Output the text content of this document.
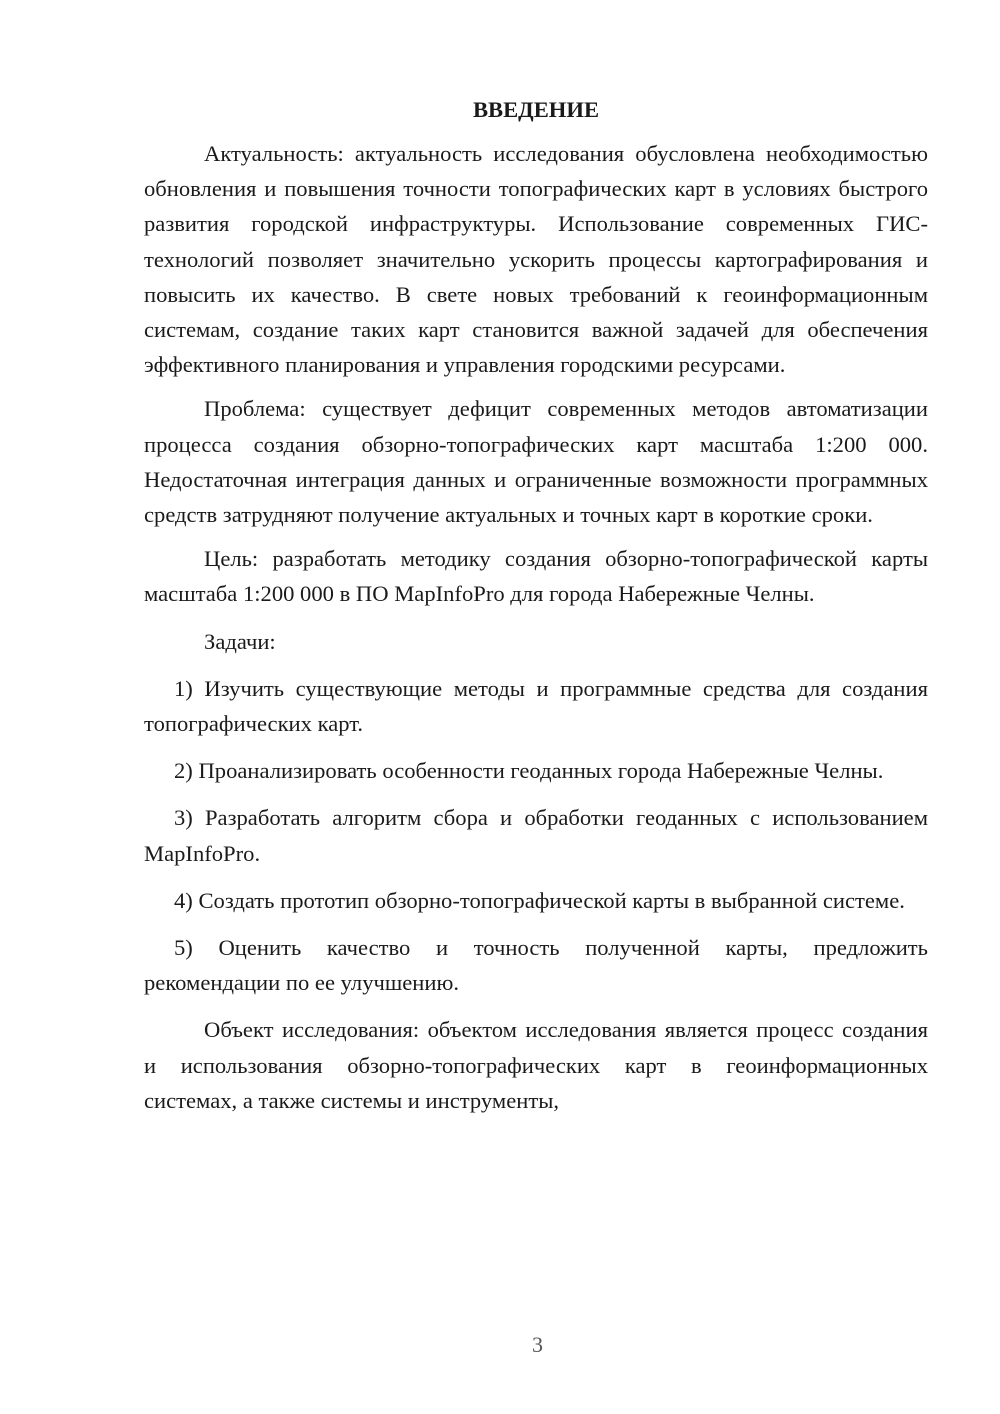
ВВЕДЕНИЕ

Актуальность: актуальность исследования обусловлена необходимостью обновления и повышения точности топографических карт в условиях быстрого развития городской инфраструктуры. Использование современных ГИС-технологий позволяет значительно ускорить процессы картографирования и повысить их качество. В свете новых требований к геоинформационным системам, создание таких карт становится важной задачей для обеспечения эффективного планирования и управления городскими ресурсами.

Проблема: существует дефицит современных методов автоматизации процесса создания обзорно-топографических карт масштаба 1:200 000. Недостаточная интеграция данных и ограниченные возможности программных средств затрудняют получение актуальных и точных карт в короткие сроки.

Цель: разработать методику создания обзорно-топографической карты масштаба 1:200 000 в ПО MapInfoPro для города Набережные Челны.

Задачи:

1) Изучить существующие методы и программные средства для создания топографических карт.

2) Проанализировать особенности геоданных города Набережные Челны.

3) Разработать алгоритм сбора и обработки геоданных с использованием MapInfoPro.

4) Создать прототип обзорно-топографической карты в выбранной системе.

5) Оценить качество и точность полученной карты, предложить рекомендации по ее улучшению.

Объект исследования: объектом исследования является процесс создания и использования обзорно-топографических карт в геоинформационных системах, а также системы и инструменты,

3
